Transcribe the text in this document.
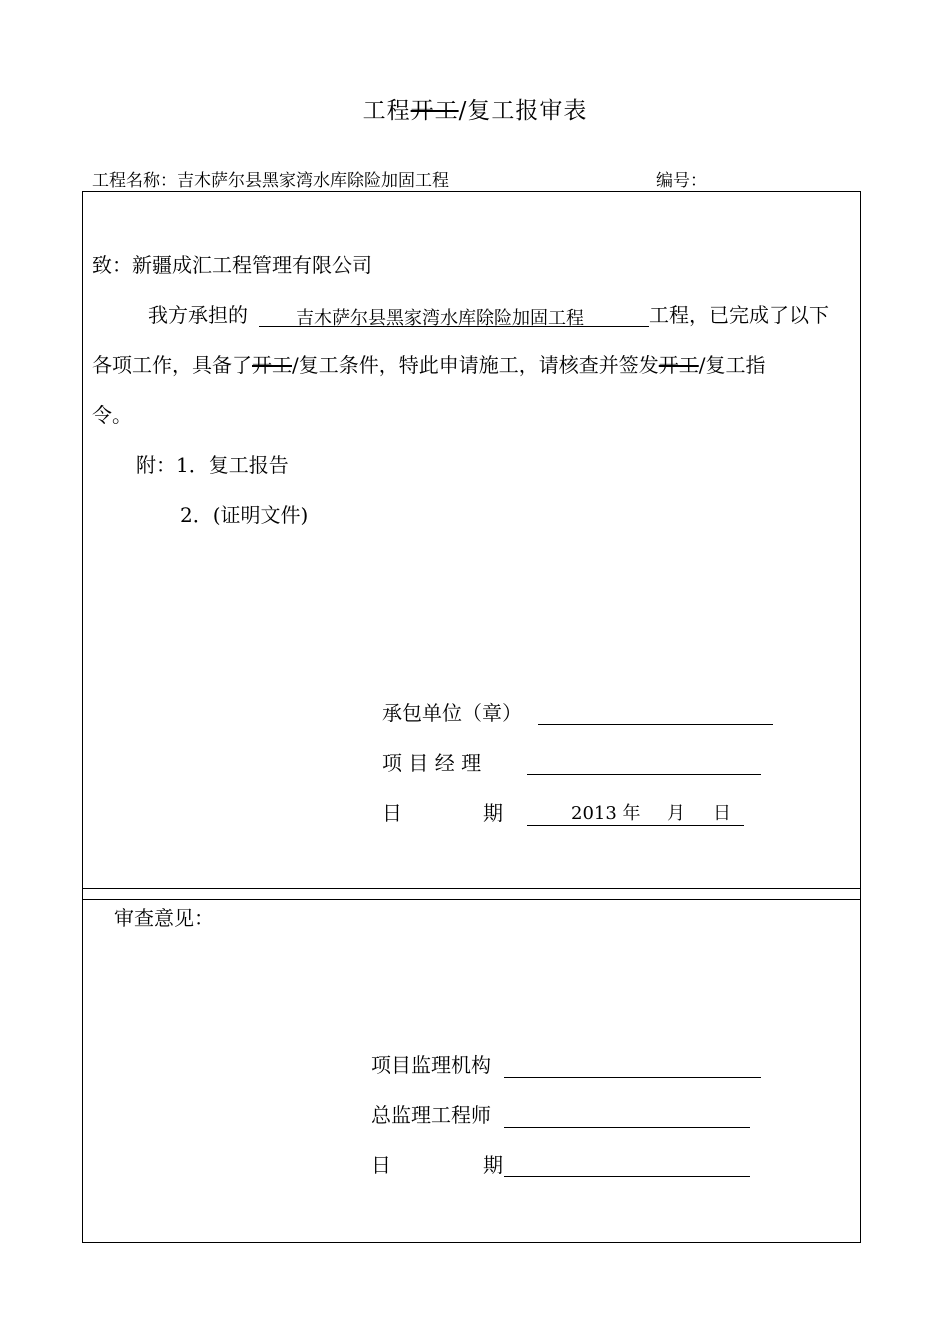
工程开工/复工报审表
工程名称：吉木萨尔县黑家湾水库除险加固工程	编号：
致：新疆成汇工程管理有限公司
我方承担的	吉木萨尔县黑家湾水库除险加固工程	工程，已完成了以下
各项工作，具备了开工/复工条件，特此申请施工，请核查并签发开工/复工指
令。
附：1．复工报告
2．(证明文件)
承包单位（章）
项 目 经 理
日	期	2013 年 月 日
审查意见：
项目监理机构
总监理工程师
日	期
